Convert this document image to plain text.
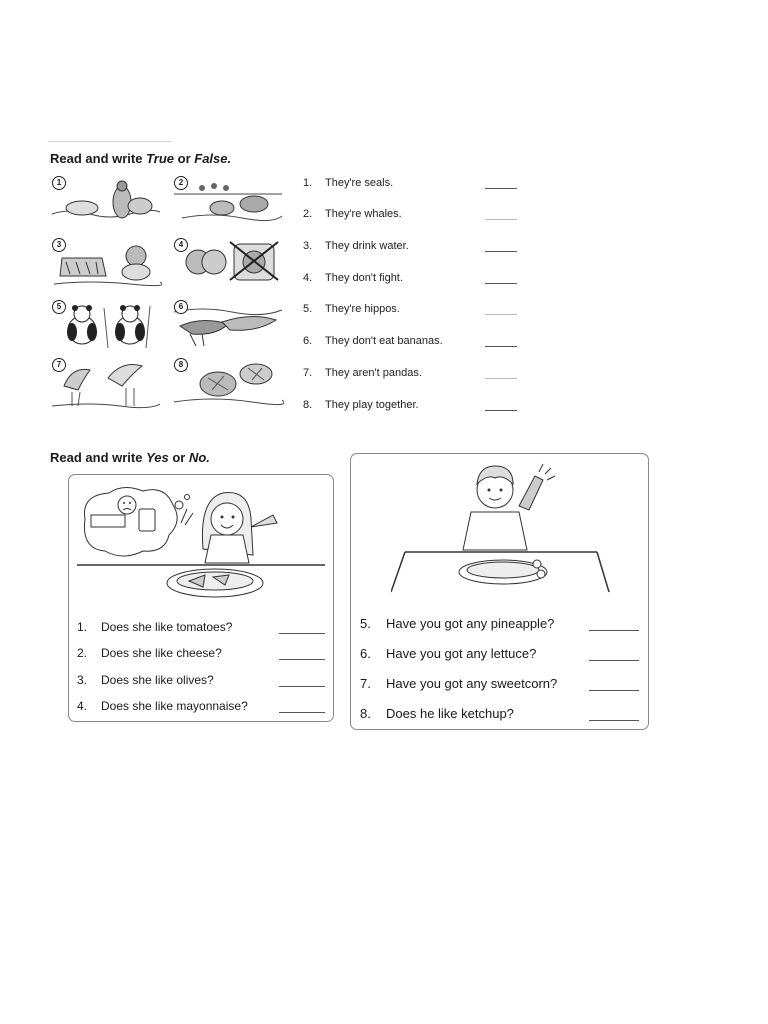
Read and write True or False.
1	2
3	4
5	6
7	8
1. They're seals.
2. They're whales.
3. They drink water.
4. They don't fight.
5. They're hippos.
6. They don't eat bananas.
7. They aren't pandas.
8. They play together.
Read and write Yes or No.
1. Does she like tomatoes?
2. Does she like cheese?
3. Does she like olives?
4. Does she like mayonnaise?
5. Have you got any pineapple?
6. Have you got any lettuce?
7. Have you got any sweetcorn?
8. Does he like ketchup?
